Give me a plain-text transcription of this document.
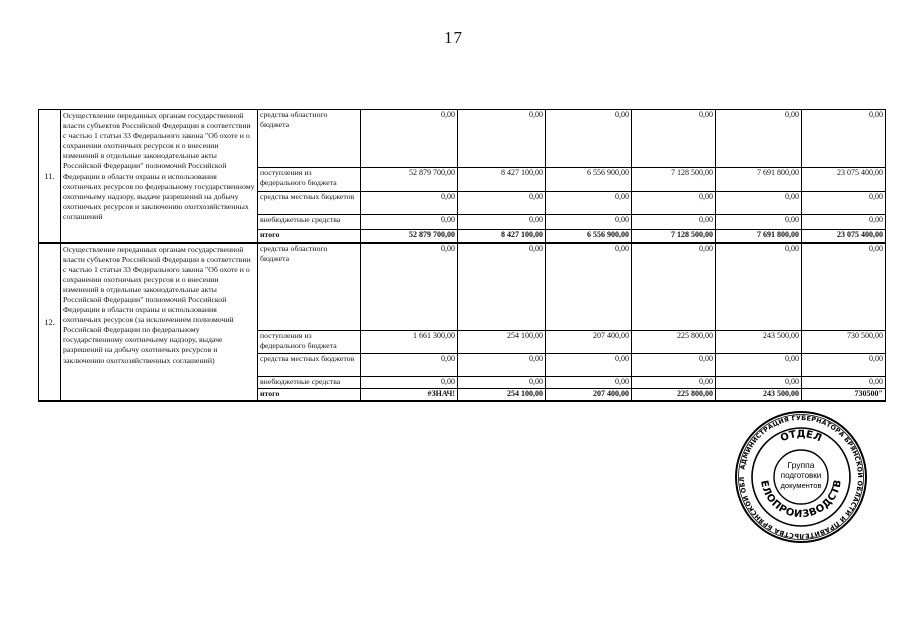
17
11.	Осуществление переданных органам государственной власти субъектов Российской Федерации в соответствии с частью 1 статьи 33 Федерального закона "Об охоте и о сохранении охотничьих ресурсов и о внесении изменений в отдельные законодательные акты Российской Федерации" полномочий Российской Федерации в области охраны и использования охотничьих ресурсов по федеральному государственному охотничьему надзору, выдаче разрешений на добычу охотничьих ресурсов и заключению охотхозяйственных соглашений	средства областного бюджета	0,00	0,00	0,00	0,00	0,00	0,00
		поступления из федерального бюджета	52 879 700,00	8 427 100,00	6 556 900,00	7 128 500,00	7 691 800,00	23 075 400,00
		средства местных бюджетов	0,00	0,00	0,00	0,00	0,00	0,00
		внебюджетные средства	0,00	0,00	0,00	0,00	0,00	0,00
		итого	52 879 700,00	8 427 100,00	6 556 900,00	7 128 500,00	7 691 800,00	23 075 400,00
12.	Осуществление переданных органам государственной власти субъектов Российской Федерации в соответствии с частью 1 статьи 33 Федерального закона "Об охоте и о сохранении охотничьих ресурсов и о внесении изменений в отдельные законодательные акты Российской Федерации" полномочий Российской Федерации в области охраны и использования охотничьих ресурсов (за исключением полномочий Российской Федерации по федеральному государственному охотничьему надзору, выдаче разрешений на добычу охотничьих ресурсов и заключению охотхозяйственных соглашений)	средства областного бюджета	0,00	0,00	0,00	0,00	0,00	0,00
		поступления из федерального бюджета	1 661 300,00	254 100,00	207 400,00	225 800,00	243 500,00	730 500,00
		средства местных бюджетов	0,00	0,00	0,00	0,00	0,00	0,00
		внебюджетные средства	0,00	0,00	0,00	0,00	0,00	0,00
		итого	#ЗНАЧ!	254 100,00	207 400,00	225 800,00	243 500,00	730500"
АДМИНИСТРАЦИЯ ГУБЕРНАТОРА БРЯНСКОЙ ОБЛАСТИ И ПРАВИТЕЛЬСТВА БРЯНСКОЙ ОБЛ
ОТДЕЛ
ЕЛОПРОИЗВОДСТВ
Группа
подготовки
документов
